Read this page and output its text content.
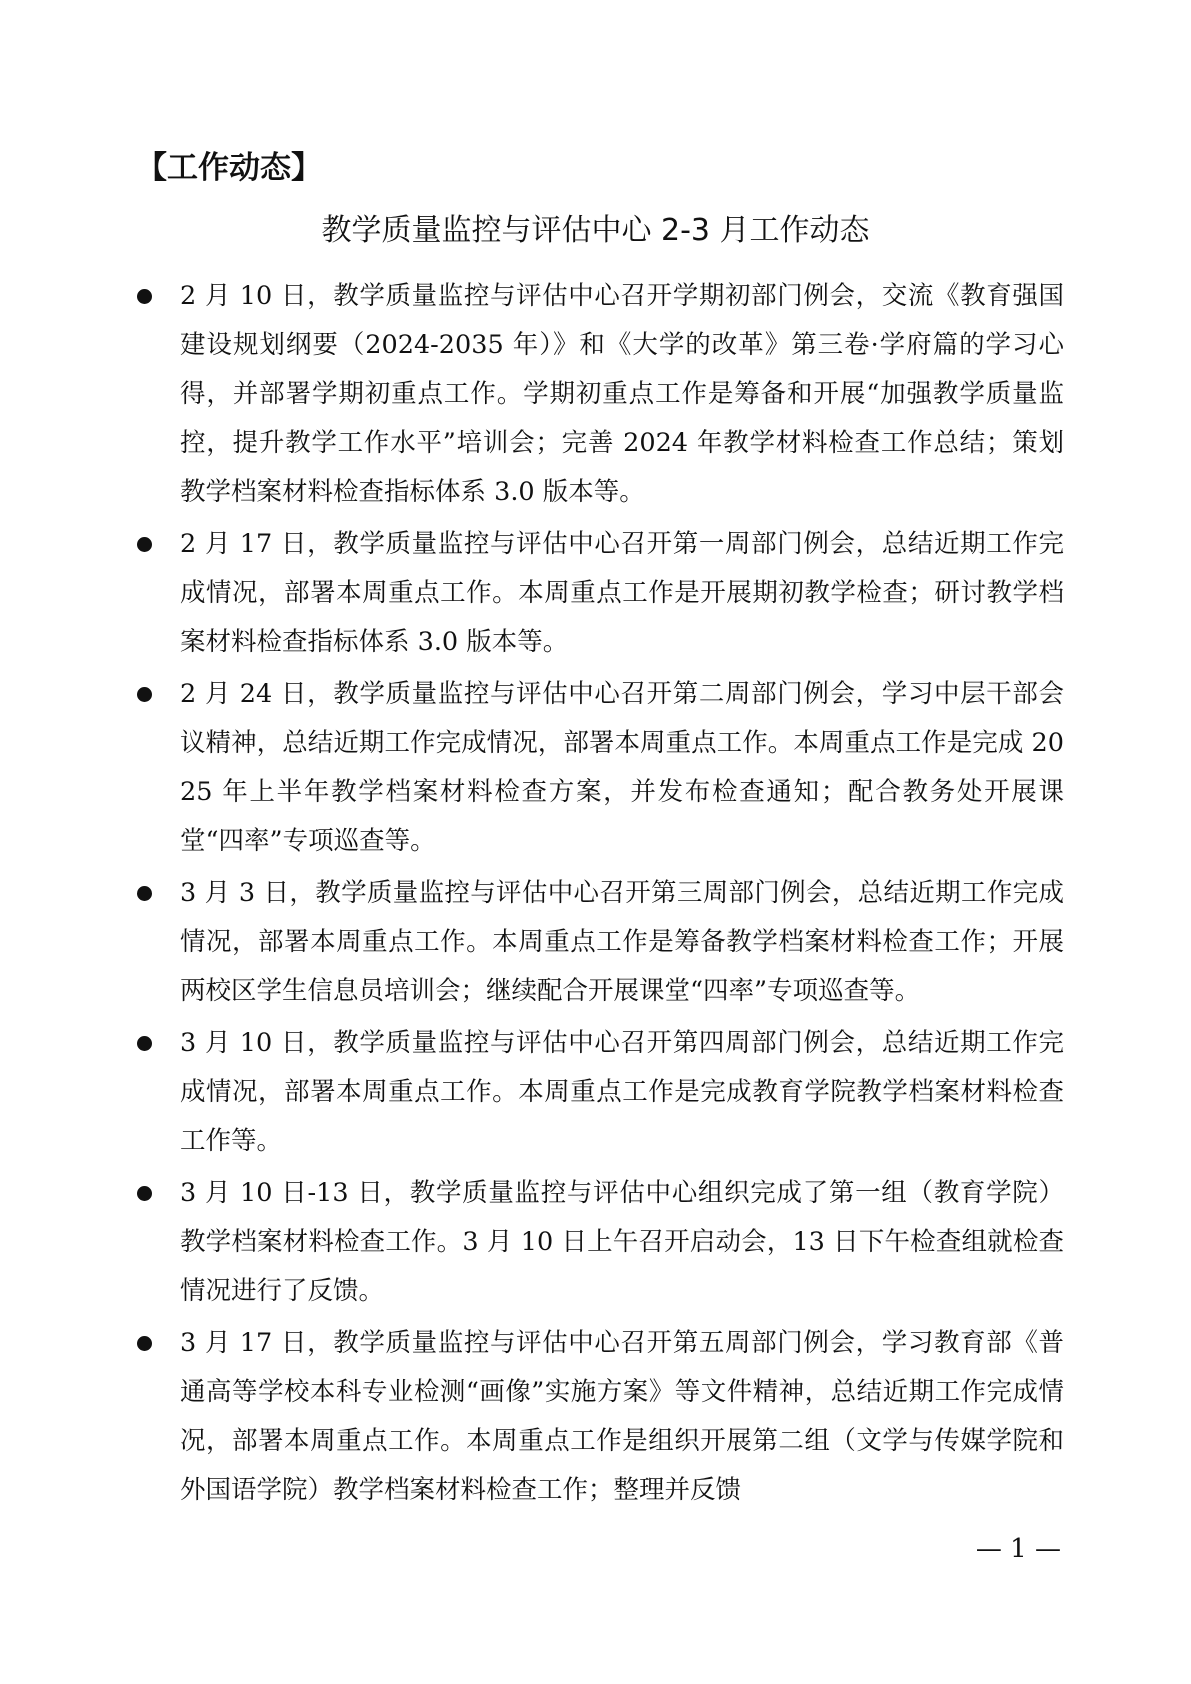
【工作动态】
教学质量监控与评估中心 2-3 月工作动态
2 月 10 日，教学质量监控与评估中心召开学期初部门例会，交流《教育强国建设规划纲要（2024-2035 年）》和《大学的改革》第三卷·学府篇的学习心得，并部署学期初重点工作。学期初重点工作是筹备和开展“加强教学质量监控，提升教学工作水平”培训会；完善 2024 年教学材料检查工作总结；策划教学档案材料检查指标体系 3.0 版本等。
2 月 17 日，教学质量监控与评估中心召开第一周部门例会，总结近期工作完成情况，部署本周重点工作。本周重点工作是开展期初教学检查；研讨教学档案材料检查指标体系 3.0 版本等。
2 月 24 日，教学质量监控与评估中心召开第二周部门例会，学习中层干部会议精神，总结近期工作完成情况，部署本周重点工作。本周重点工作是完成 2025 年上半年教学档案材料检查方案，并发布检查通知；配合教务处开展课堂“四率”专项巡查等。
3 月 3 日，教学质量监控与评估中心召开第三周部门例会，总结近期工作完成情况，部署本周重点工作。本周重点工作是筹备教学档案材料检查工作；开展两校区学生信息员培训会；继续配合开展课堂“四率”专项巡查等。
3 月 10 日，教学质量监控与评估中心召开第四周部门例会，总结近期工作完成情况，部署本周重点工作。本周重点工作是完成教育学院教学档案材料检查工作等。
3 月 10 日-13 日，教学质量监控与评估中心组织完成了第一组（教育学院）教学档案材料检查工作。3 月 10 日上午召开启动会，13 日下午检查组就检查情况进行了反馈。
3 月 17 日，教学质量监控与评估中心召开第五周部门例会，学习教育部《普通高等学校本科专业检测“画像”实施方案》等文件精神，总结近期工作完成情况，部署本周重点工作。本周重点工作是组织开展第二组（文学与传媒学院和外国语学院）教学档案材料检查工作；整理并反馈
— 1 —
